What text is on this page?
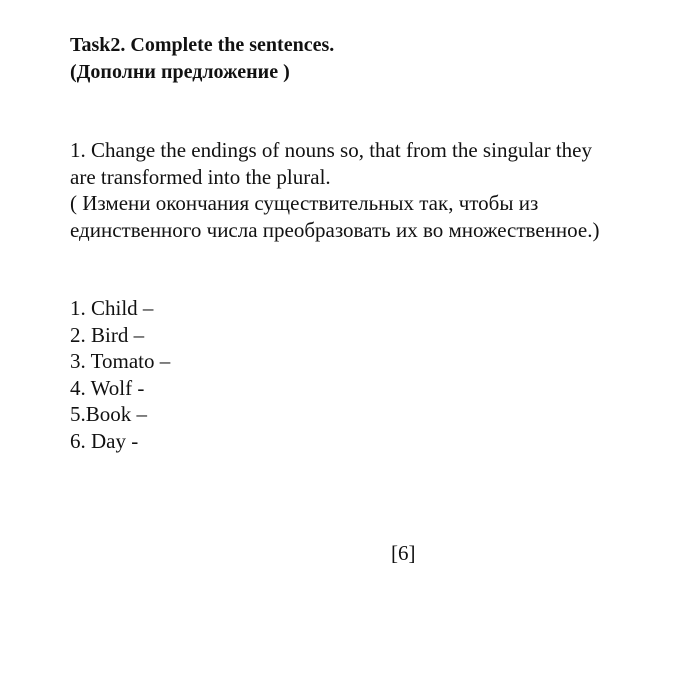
Task2. Complete the sentences.
(Дополни предложение )
1. Change the endings of nouns so, that from the singular they
are transformed into the plural.
( Измени окончания существительных так, чтобы из
единственного числа преобразовать их во множественное.)
1. Child –
2. Bird –
3. Tomato –
4. Wolf -
5.Book –
6. Day -
[6]
